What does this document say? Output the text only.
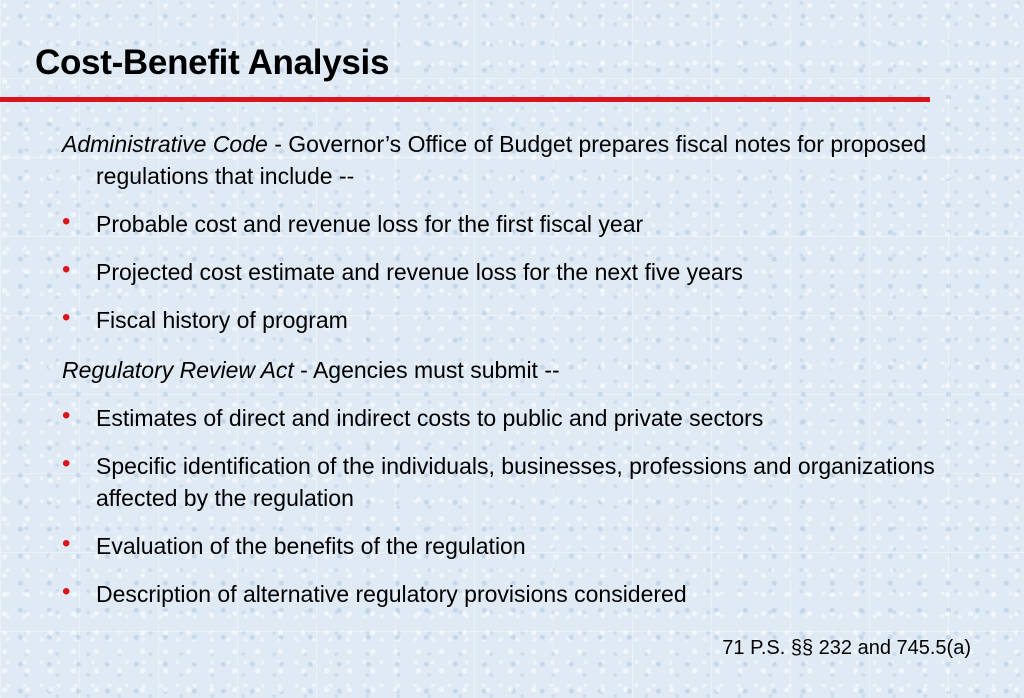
Cost-Benefit Analysis

Administrative Code - Governor’s Office of Budget prepares fiscal notes for proposed regulations that include --

• Probable cost and revenue loss for the first fiscal year
• Projected cost estimate and revenue loss for the next five years
• Fiscal history of program

Regulatory Review Act - Agencies must submit --

• Estimates of direct and indirect costs to public and private sectors
• Specific identification of the individuals, businesses, professions and organizations affected by the regulation
• Evaluation of the benefits of the regulation
• Description of alternative regulatory provisions considered

71 P.S. §§ 232 and 745.5(a)
